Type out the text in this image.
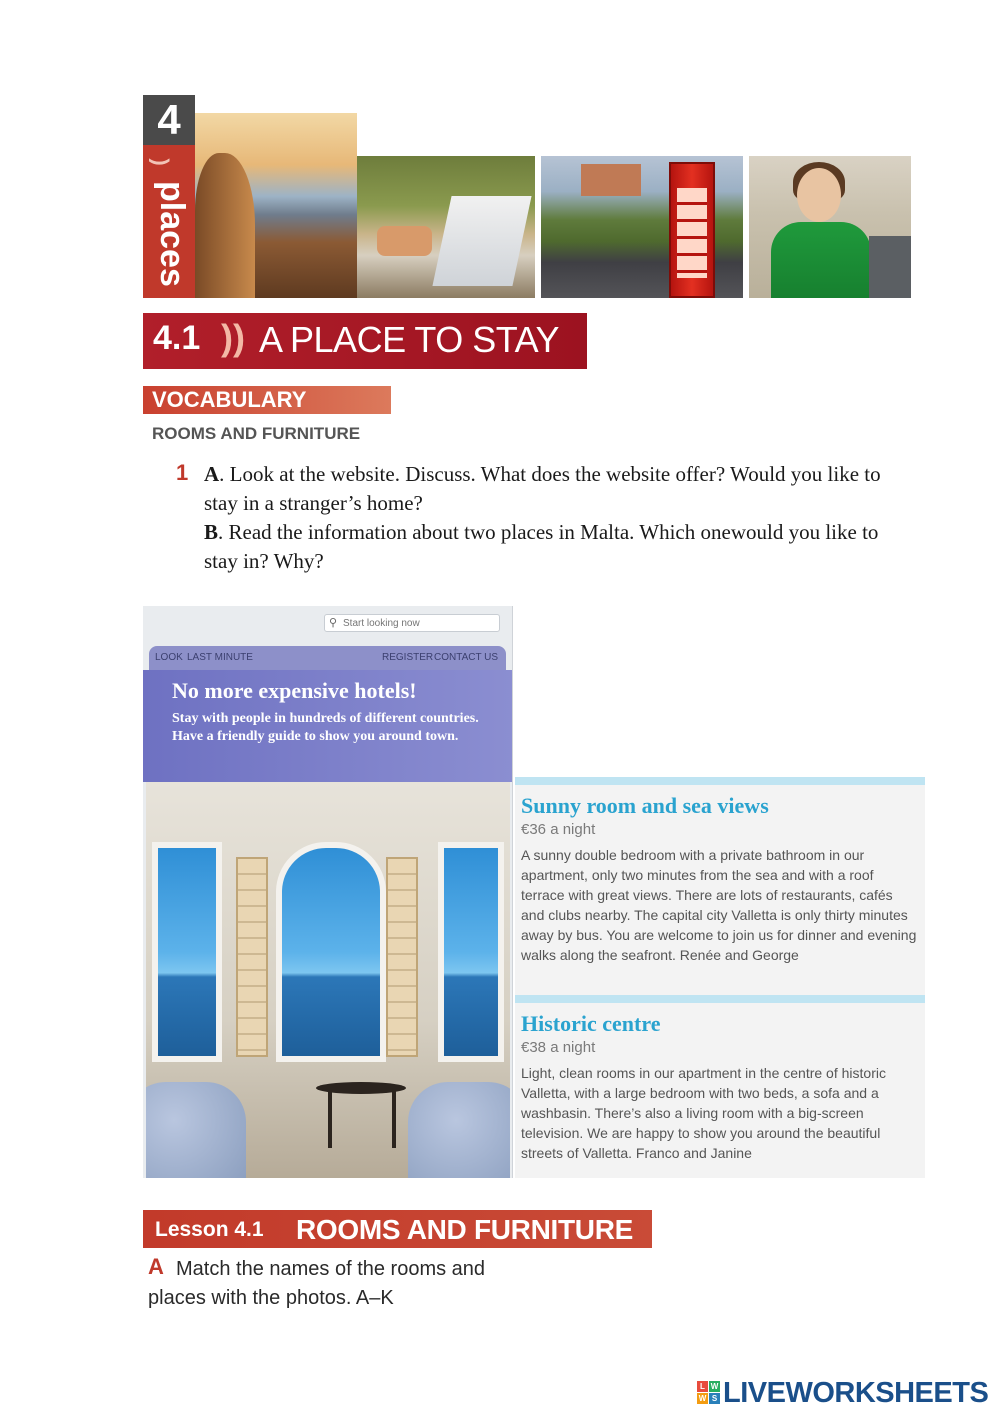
4
)
places
4.1 )) A PLACE TO STAY
VOCABULARY
ROOMS AND FURNITURE
1 A. Look at the website. Discuss. What does the website offer? Would you like to stay in a stranger’s home?
B. Read the information about two places in Malta. Which onewould you like to stay in? Why?
⚲
Start looking now
LOOK LAST MINUTE	REGISTER CONTACT US
No more expensive hotels!

Stay with people in hundreds of different countries. Have a friendly guide to show you around town.

Sunny room and sea views
€36 a night
A sunny double bedroom with a private bathroom in our apartment, only two minutes from the sea and with a roof terrace with great views. There are lots of restaurants, cafés and clubs nearby. The capital city Valletta is only thirty minutes away by bus. You are welcome to join us for dinner and evening walks along the seafront. Renée and George
Historic centre
€38 a night
Light, clean rooms in our apartment in the centre of historic Valletta, with a large bedroom with two beds, a sofa and a washbasin. There’s also a living room with a big-screen television. We are happy to show you around the beautiful streets of Valletta. Franco and Janine
Lesson 4.1 ROOMS AND FURNITURE
A Match the names of the rooms and places with the photos. A–K
L W
W S LIVEWORKSHEETS
